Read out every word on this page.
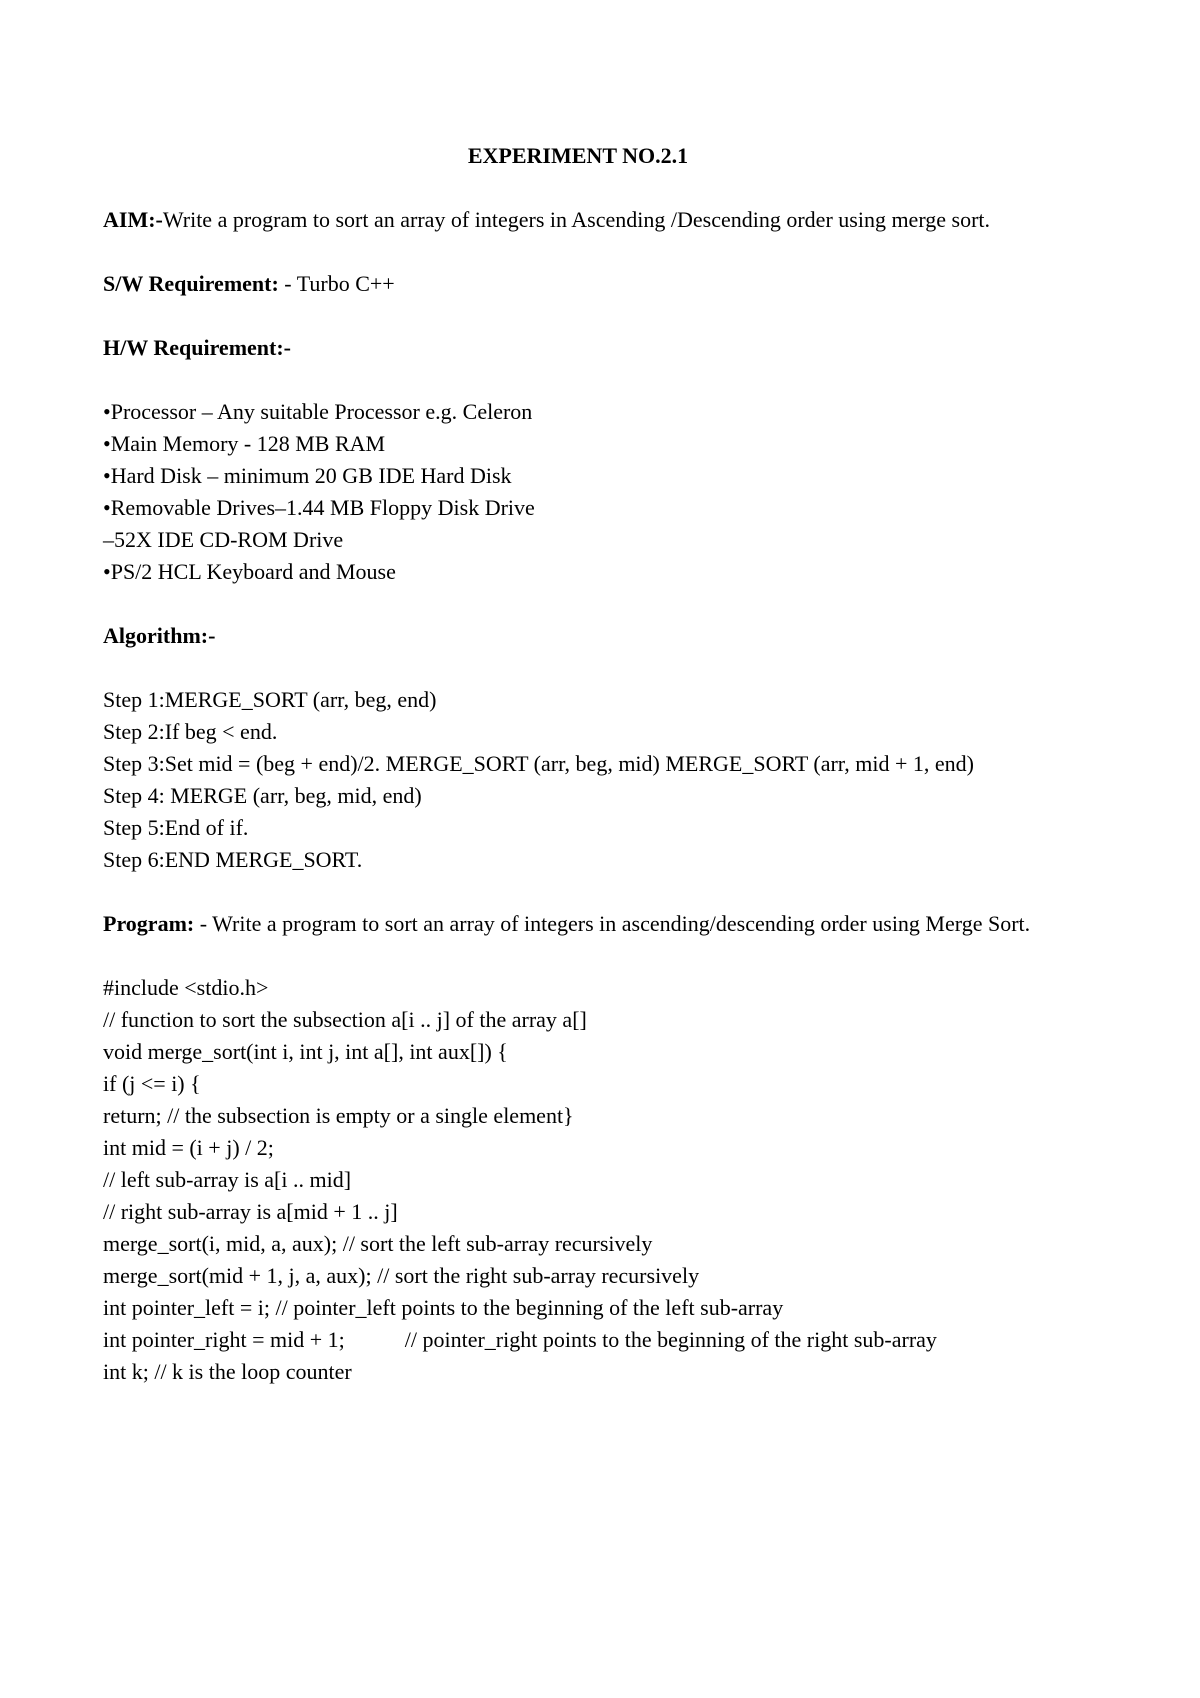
EXPERIMENT NO.2.1

AIM:-Write a program to sort an array of integers in Ascending /Descending order using merge sort.

S/W Requirement: - Turbo C++

H/W Requirement:-

•Processor – Any suitable Processor e.g. Celeron

•Main Memory - 128 MB RAM

•Hard Disk – minimum 20 GB IDE Hard Disk

•Removable Drives–1.44 MB Floppy Disk Drive

–52X IDE CD-ROM Drive

•PS/2 HCL Keyboard and Mouse

Algorithm:-

Step 1:MERGE_SORT (arr, beg, end)

Step 2:If beg < end.

Step 3:Set mid = (beg + end)/2. MERGE_SORT (arr, beg, mid) MERGE_SORT (arr, mid + 1, end)

Step 4: MERGE (arr, beg, mid, end)

Step 5:End of if.

Step 6:END MERGE_SORT.

Program: - Write a program to sort an array of integers in ascending/descending order using Merge Sort.

#include <stdio.h>

// function to sort the subsection a[i .. j] of the array a[]

void merge_sort(int i, int j, int a[], int aux[]) {

if (j <= i) {

return; // the subsection is empty or a single element}

int mid = (i + j) / 2;

// left sub-array is a[i .. mid]

// right sub-array is a[mid + 1 .. j]

merge_sort(i, mid, a, aux); // sort the left sub-array recursively

merge_sort(mid + 1, j, a, aux); // sort the right sub-array recursively

int pointer_left = i; // pointer_left points to the beginning of the left sub-array

int pointer_right = mid + 1;	// pointer_right points to the beginning of the right sub-array

int k; // k is the loop counter
